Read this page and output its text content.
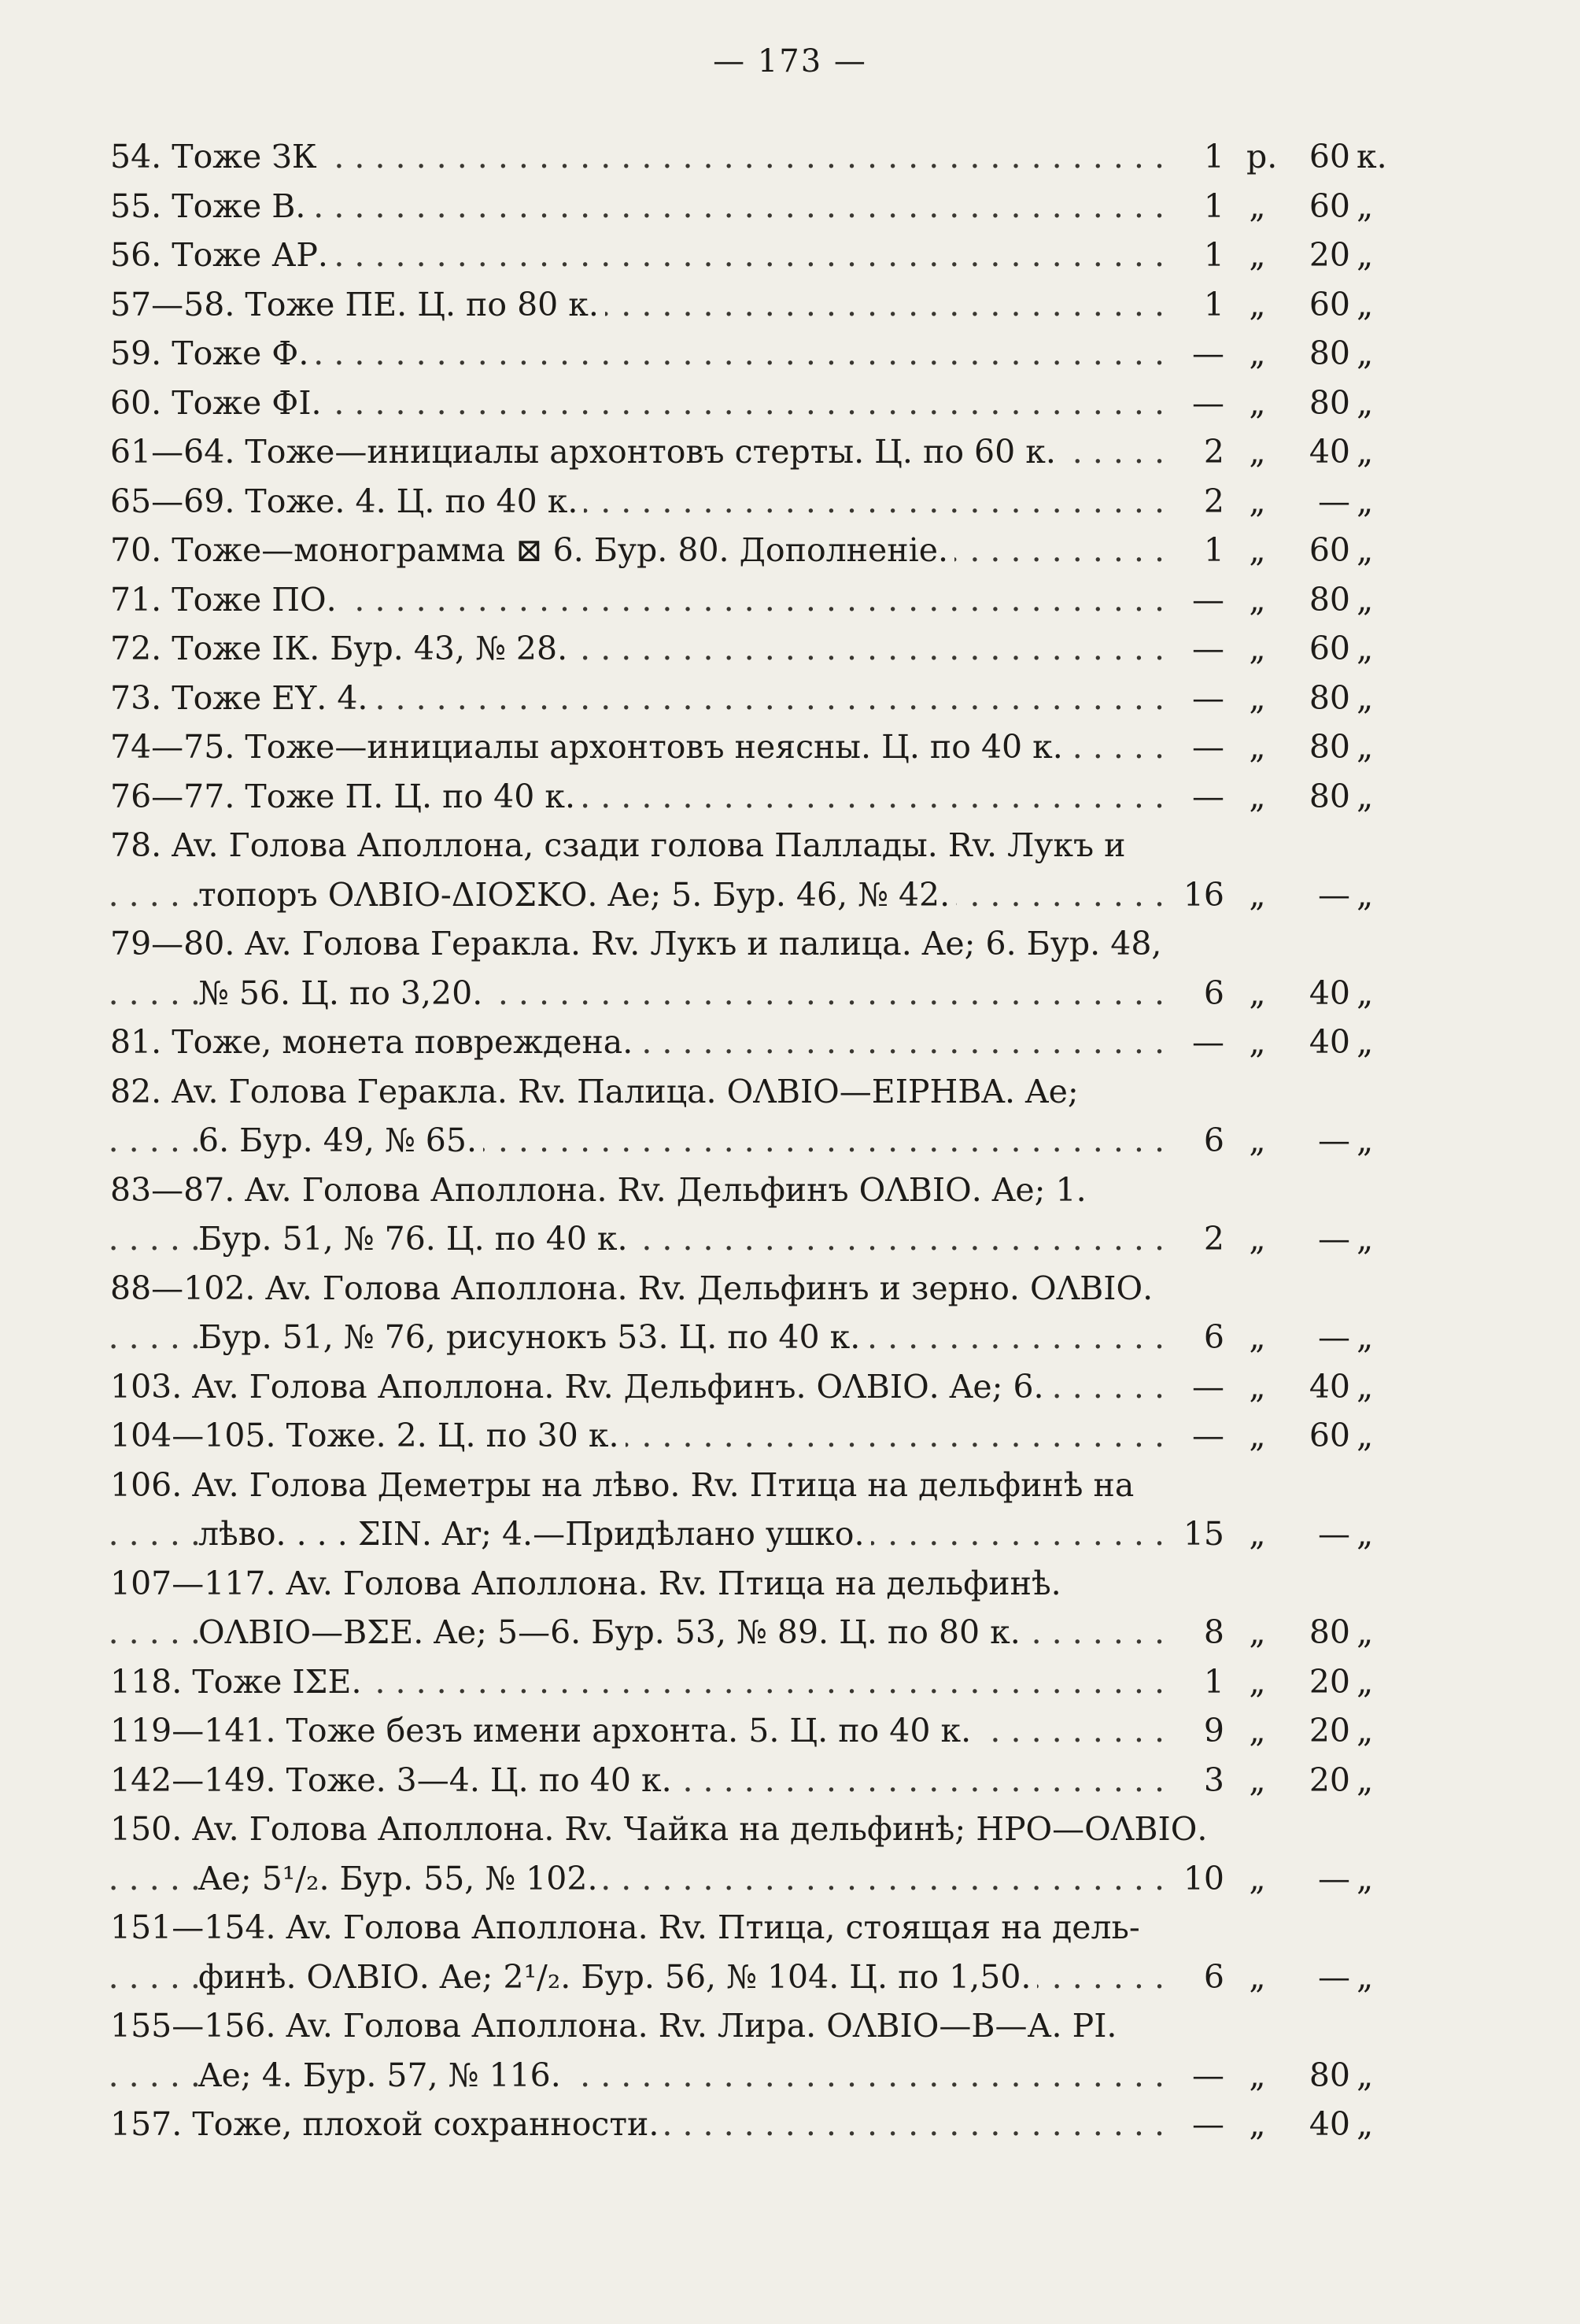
— 173 —
54. Тоже ЗК . . .	1 р. 60 к.
55. Тоже В. . . .	1 „	60 „
56. Тоже АР. . . .	1 „	20 „
57—58. Тоже ПЕ. Ц. по 80 к. . . .	1 „	60 „
59. Тоже Ф. . . .	— „	80 „
60. Тоже ФІ. . . .	— „	80 „
61—64. Тоже—инициалы архонтовъ стерты. Ц. по 60 к. . . .	2 „	40 „
65—69. Тоже. 4. Ц. по 40 к. . . .	2 „	— „
70. Тоже—монограмма ⊠ 6. Бур. 80. Дополненіе. . . .	1 „	60 „
71. Тоже ПО. . . .	— „	80 „
72. Тоже ІК. Бур. 43, № 28. . . .	— „	60 „
73. Тоже ЕҮ. 4. . . .	— „	80 „
74—75. Тоже—инициалы архонтовъ неясны. Ц. по 40 к. . . .	— „	80 „
76—77. Тоже П. Ц. по 40 к. . . .	— „	80 „
78. Av. Голова Аполлона, сзади голова Паллады. Rv. Лукъ и
топоръ ОΛВІО-ΔΙΟΣΚΟ. Ae; 5. Бур. 46, № 42. . . .	16 „	— „
79—80. Av. Голова Геракла. Rv. Лукъ и палица. Ae; 6. Бур. 48,
№ 56. Ц. по 3,20. . . .	6 „	40 „
81. Тоже, монета повреждена. . . .	— „	40 „
82. Av. Голова Геракла. Rv. Палица. ОΛВІО—ΕΙΡΗΒΑ. Ae;
6. Бур. 49, № 65. . . .	6 „	— „
83—87. Av. Голова Аполлона. Rv. Дельфинъ ОΛВІО. Ae; 1.
Бур. 51, № 76. Ц. по 40 к. . . .	2 „	— „
88—102. Av. Голова Аполлона. Rv. Дельфинъ и зерно. ОΛВІО.
Бур. 51, № 76, рисунокъ 53. Ц. по 40 к. . . .	6 „	— „
103. Av. Голова Аполлона. Rv. Дельфинъ. ОΛВІО. Ae; 6. . . .	— „	40 „
104—105. Тоже. 2. Ц. по 30 к. . . .	— „	60 „
106. Av. Голова Деметры на лѣво. Rv. Птица на дельфинѣ на
лѣво. . . . ΣΙΝ. Ar; 4.—Придѣлано ушко. . . .	15 „	— „
107—117. Av. Голова Аполлона. Rv. Птица на дельфинѣ.
ОΛВІО—ΒΣΕ. Ae; 5—6. Бур. 53, № 89. Ц. по 80 к. . . .	8 „	80 „
118. Тоже ΙΣΕ. . . .	1 „	20 „
119—141. Тоже безъ имени архонта. 5. Ц. по 40 к. . . .	9 „	20 „
142—149. Тоже. 3—4. Ц. по 40 к. . . .	3 „	20 „
150. Av. Голова Аполлона. Rv. Чайка на дельфинѣ; НРО—ОΛВІО.
Ae; 5¹/₂. Бур. 55, № 102. . . .	10 „	— „
151—154. Av. Голова Аполлона. Rv. Птица, стоящая на дель-
финѣ. ОΛВІО. Ae; 2¹/₂. Бур. 56, № 104. Ц. по 1,50. . . .	6 „	— „
155—156. Av. Голова Аполлона. Rv. Лира. ОΛВІО—В—А. РІ.
Ae; 4. Бур. 57, № 116. . . .	— „	80 „
157. Тоже, плохой сохранности. . . .	— „	40 „
